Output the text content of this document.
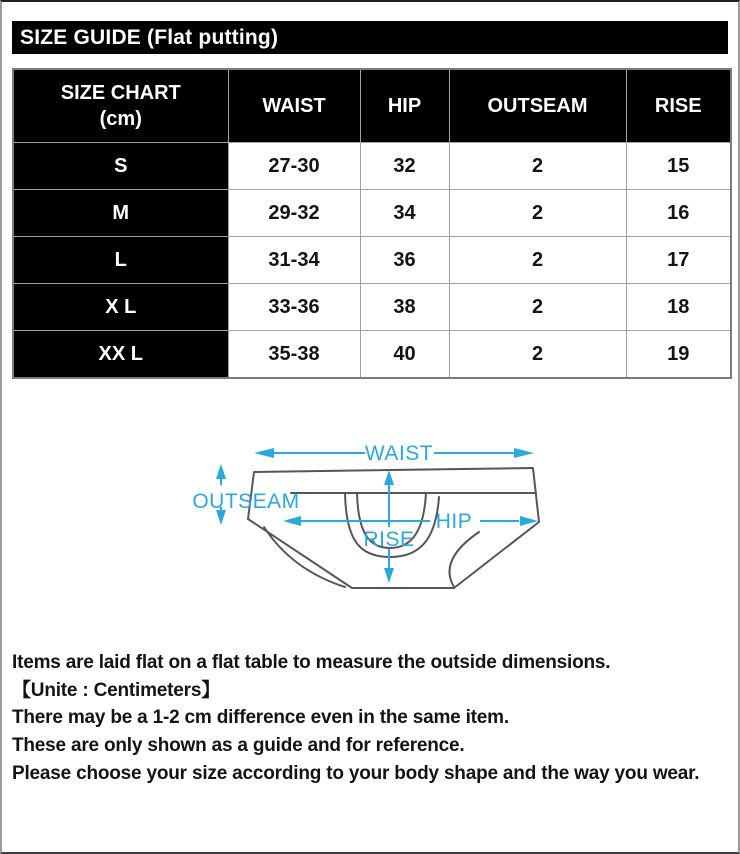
SIZE GUIDE (Flat putting)
SIZE CHART
(cm)	WAIST	HIP	OUTSEAM	RISE
S	27-30	32	2	15
M	29-32	34	2	16
L	31-34	36	2	17
X L	33-36	38	2	18
XX L	35-38	40	2	19
WAIST
OUTSEAM
HIP
RISE
Items are laid flat on a flat table to measure the outside dimensions.
【Unite : Centimeters】
There may be a 1-2 cm difference even in the same item.
These are only shown as a guide and for reference.
Please choose your size according to your body shape and the way you wear.
